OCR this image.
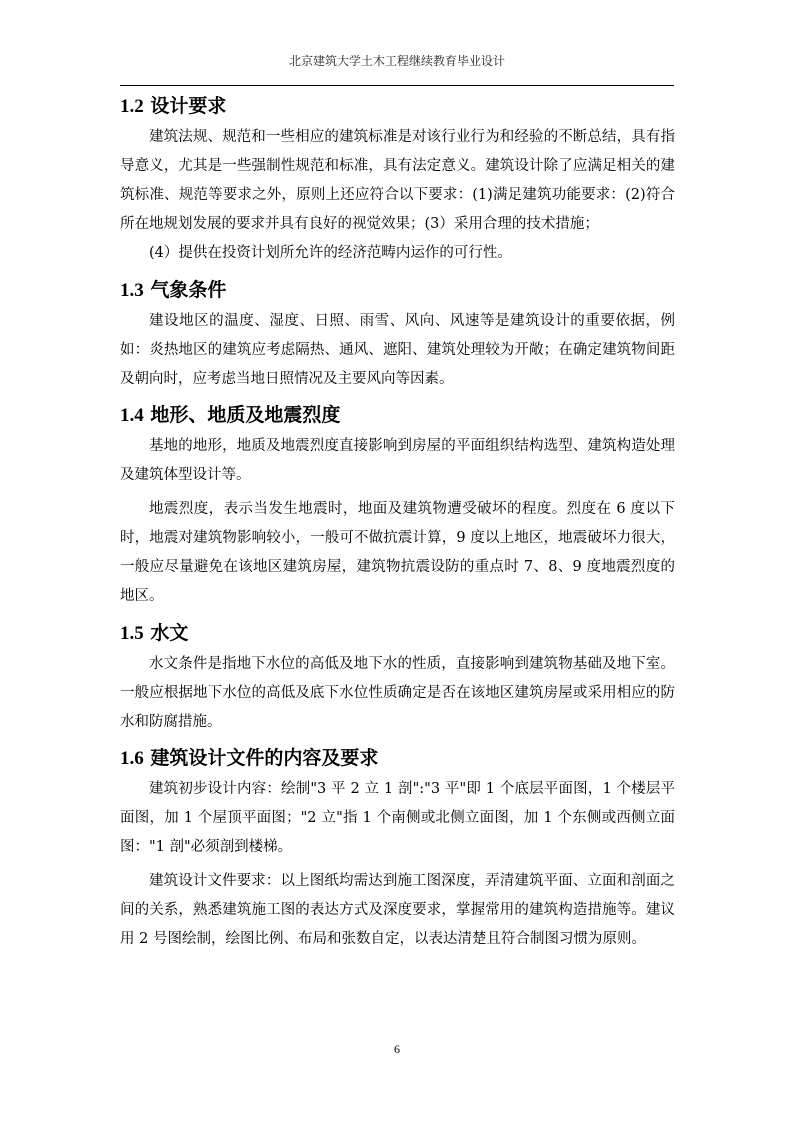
北京建筑大学土木工程继续教育毕业设计
1.2 设计要求

建筑法规、规范和一些相应的建筑标准是对该行业行为和经验的不断总结，具有指导意义，尤其是一些强制性规范和标准，具有法定意义。建筑设计除了应满足相关的建筑标准、规范等要求之外，原则上还应符合以下要求：(1)满足建筑功能要求：(2)符合所在地规划发展的要求并具有良好的视觉效果；(3）采用合理的技术措施；

(4）提供在投资计划所允许的经济范畴内运作的可行性。

1.3 气象条件

建设地区的温度、湿度、日照、雨雪、风向、风速等是建筑设计的重要依据，例如：炎热地区的建筑应考虑隔热、通风、遮阳、建筑处理较为开敞；在确定建筑物间距及朝向时，应考虑当地日照情况及主要风向等因素。

1.4 地形、地质及地震烈度

基地的地形，地质及地震烈度直接影响到房屋的平面组织结构选型、建筑构造处理及建筑体型设计等。

地震烈度，表示当发生地震时，地面及建筑物遭受破坏的程度。烈度在 6 度以下时，地震对建筑物影响较小，一般可不做抗震计算，9 度以上地区，地震破坏力很大，一般应尽量避免在该地区建筑房屋，建筑物抗震设防的重点时 7、8、9 度地震烈度的地区。

1.5 水文

水文条件是指地下水位的高低及地下水的性质，直接影响到建筑物基础及地下室。一般应根据地下水位的高低及底下水位性质确定是否在该地区建筑房屋或采用相应的防水和防腐措施。

1.6 建筑设计文件的内容及要求

建筑初步设计内容：绘制"3 平 2 立 1 剖":"3 平"即 1 个底层平面图，1 个楼层平面图，加 1 个屋顶平面图；"2 立"指 1 个南侧或北侧立面图，加 1 个东侧或西侧立面图："1 剖"必须剖到楼梯。

建筑设计文件要求：以上图纸均需达到施工图深度，弄清建筑平面、立面和剖面之间的关系，熟悉建筑施工图的表达方式及深度要求，掌握常用的建筑构造措施等。建议用 2 号图绘制，绘图比例、布局和张数自定，以表达清楚且符合制图习惯为原则。

6
